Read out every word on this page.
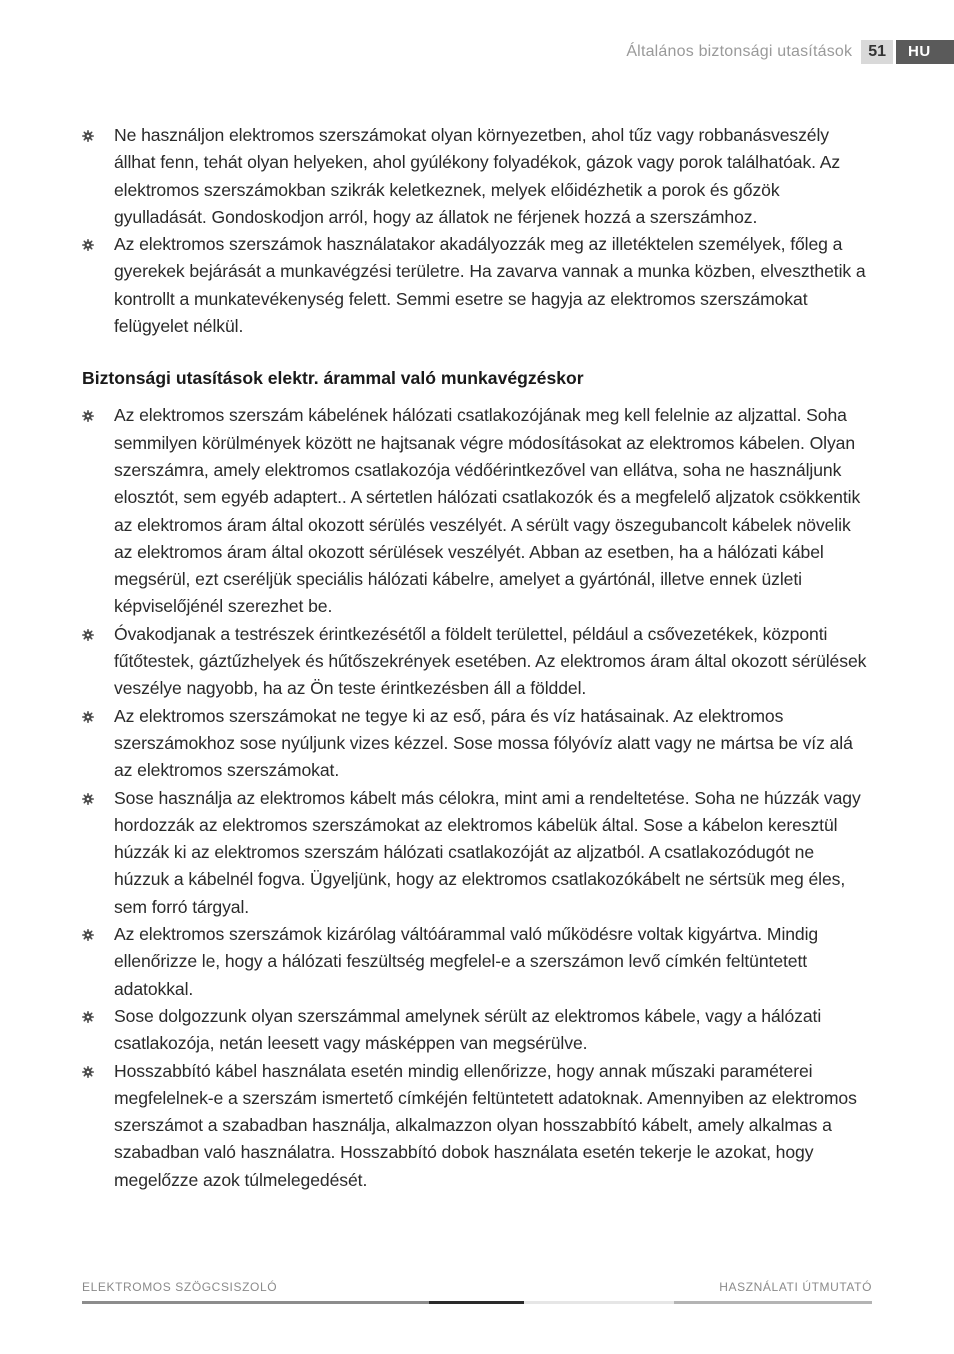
Általános biztonsági utasítások	51	HU
Ne használjon elektromos szerszámokat olyan környezetben, ahol tűz vagy robbanásveszély állhat fenn, tehát olyan helyeken, ahol gyúlékony folyadékok, gázok vagy porok találhatóak. Az elektromos szerszámokban szikrák keletkeznek, melyek előidézhetik a porok és gőzök gyulladását. Gondoskodjon arról, hogy az állatok ne férjenek hozzá a szerszámhoz.
Az elektromos szerszámok használatakor akadályozzák meg az illetéktelen személyek, főleg a gyerekek bejárását a munkavégzési területre. Ha zavarva vannak a munka közben, elveszthetik a kontrollt a munkatevékenység felett. Semmi esetre se hagyja az elektromos szerszámokat felügyelet nélkül.
Biztonsági utasítások elektr. árammal való munkavégzéskor
Az elektromos szerszám kábelének hálózati csatlakozójának meg kell felelnie az aljzattal. Soha semmilyen körülmények között ne hajtsanak végre módosításokat az elektromos kábelen. Olyan szerszámra, amely elektromos csatlakozója védőérintkezővel van ellátva, soha ne használjunk elosztót, sem egyéb adaptert.. A sértetlen hálózati csatlakozók és a megfelelő aljzatok csökkentik az elektromos áram által okozott sérülés veszélyét. A sérült vagy öszegubancolt kábelek növelik az elektromos áram által okozott sérülések veszélyét. Abban az esetben, ha a hálózati kábel megsérül, ezt cseréljük speciális hálózati kábelre, amelyet a gyártónál, illetve ennek üzleti képviselőjénél szerezhet be.
Óvakodjanak a testrészek érintkezésétől a földelt területtel, például a csővezetékek, központi fűtőtestek, gáztűzhelyek és hűtőszekrények esetében. Az elektromos áram által okozott sérülések veszélye nagyobb, ha az Ön teste érintkezésben áll a földdel.
Az elektromos szerszámokat ne tegye ki az eső, pára és víz hatásainak. Az elektromos szerszámokhoz sose nyúljunk vizes kézzel. Sose mossa fólyóvíz alatt vagy ne mártsa be víz alá az elektromos szerszámokat.
Sose használja az elektromos kábelt más célokra, mint ami a rendeltetése. Soha ne húzzák vagy hordozzák az elektromos szerszámokat az elektromos kábelük által. Sose a kábelon keresztül húzzák ki az elektromos szerszám hálózati csatlakozóját az aljzatból. A csatlakozódugót ne húzzuk a kábelnél fogva. Ügyeljünk, hogy az elektromos csatlakozókábelt ne sértsük meg éles, sem forró tárgyal.
Az elektromos szerszámok kizárólag váltóárammal való működésre voltak kigyártva. Mindig ellenőrizze le, hogy a hálózati feszültség megfelel-e a szerszámon levő címkén feltüntetett adatokkal.
Sose dolgozzunk olyan szerszámmal amelynek sérült az elektromos kábele, vagy a hálózati csatlakozója, netán leesett vagy másképpen van megsérülve.
Hosszabbító kábel használata esetén mindig ellenőrizze, hogy annak műszaki paraméterei megfelelnek-e a szerszám ismertető címkéjén feltüntetett adatoknak. Amennyiben az elektromos szerszámot a szabadban használja, alkalmazzon olyan hosszabbító kábelt, amely alkalmas a szabadban való használatra. Hosszabbító dobok használata esetén tekerje le azokat, hogy megelőzze azok túlmelegedését.
ELEKTROMOS SZÖGCSISZOLÓ	HASZNÁLATI ÚTMUTATÓ
